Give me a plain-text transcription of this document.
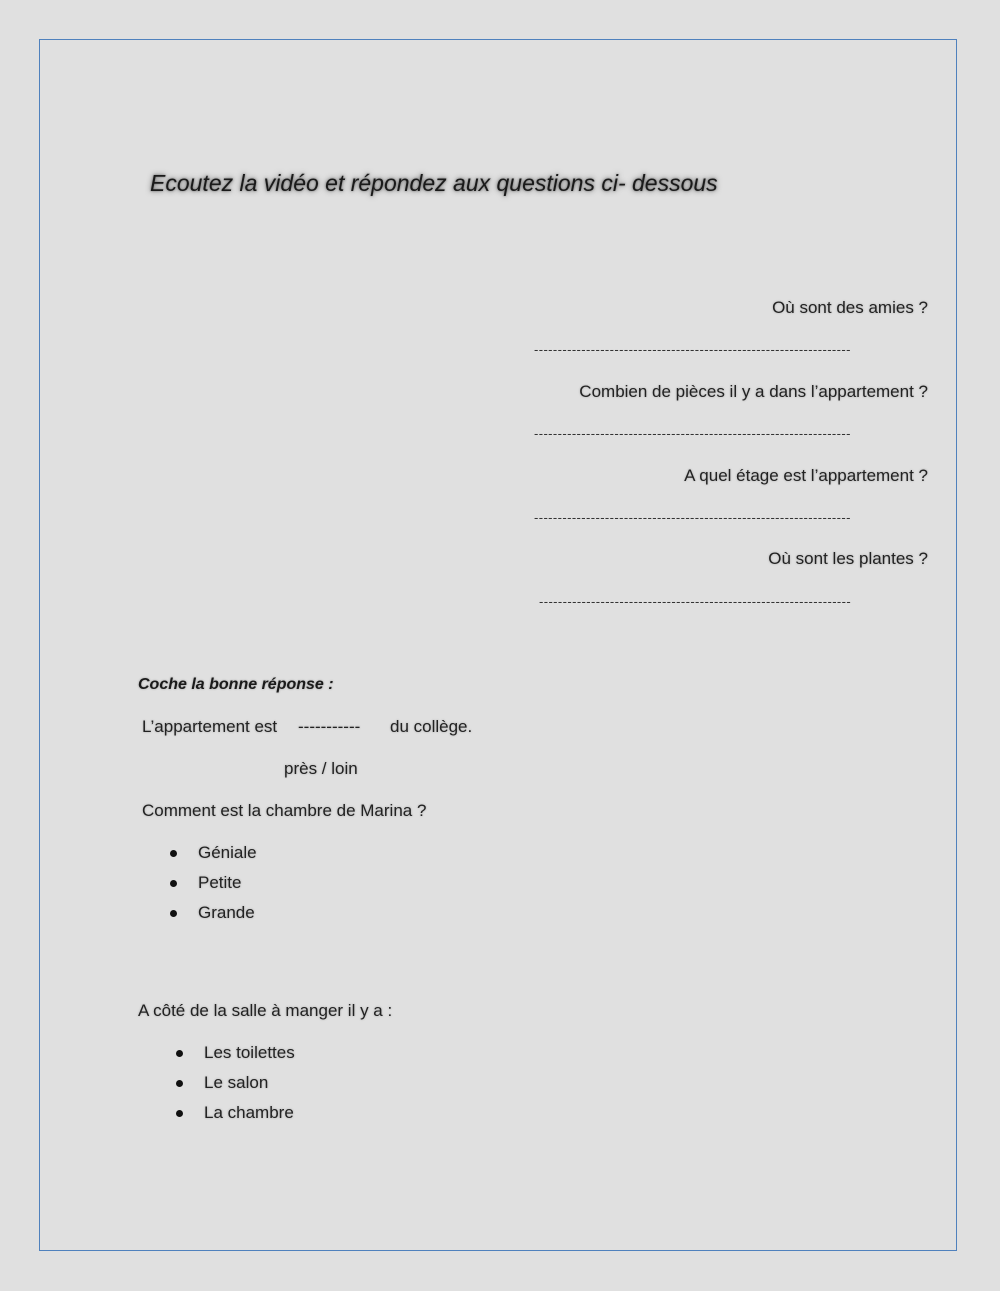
Ecoutez la vidéo et répondez aux questions ci- dessous
Où sont des amies ?
-------------------------------------------------------------------
Combien de pièces il y a dans l’appartement ?
-------------------------------------------------------------------
A quel étage est l’appartement ?
-------------------------------------------------------------------
Où sont les plantes ?
------------------------------------------------------------------
Coche la bonne réponse :
L’appartement est ----------- du collège.
près / loin
Comment est la chambre de Marina ?
Géniale
Petite
Grande
A côté de la salle à manger il y a :
Les toilettes
Le salon
La chambre
